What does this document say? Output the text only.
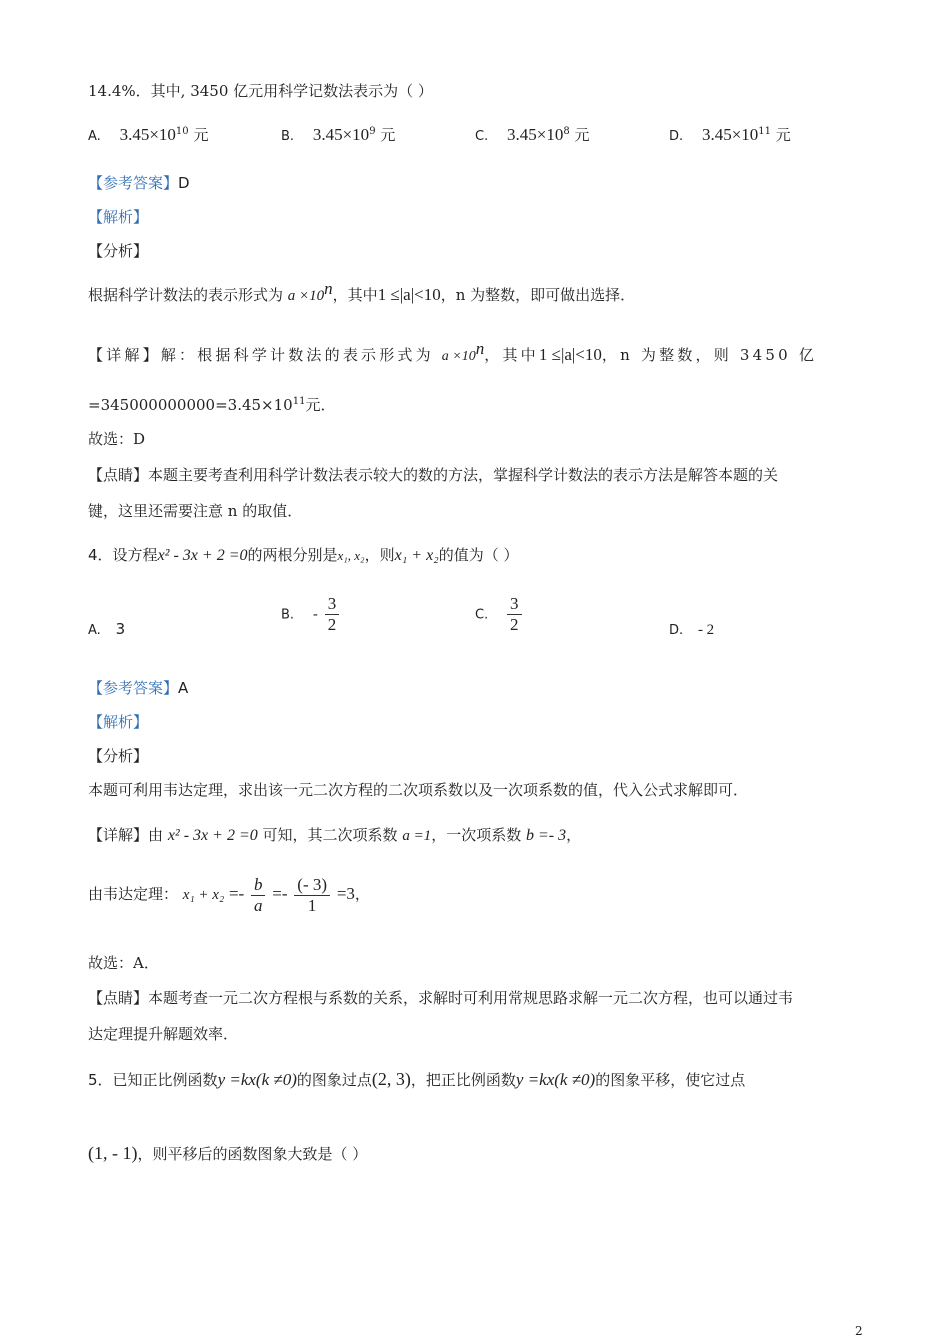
14.4%．其中, 3450 亿元用科学记数法表示为（ ）
A. $3.45\times 10^{10}$ 元	B. $3.45\times 10^9$ 元	C. $3.45\times 10^8$ 元	D. $3.45\times 10^{11}$ 元
【参考答案】D
【解析】
【分析】
根据科学计数法的表示形式为 $a \times 10^n$，其中1 ≤|a|<10，n 为整数，即可做出选择．
【详解】解：根据科学计数法的表示形式为 $a \times 10^n$，其中1 ≤|a|<10，n 为整数，则 3450 亿
$=345000000000=3.45\times 10^{11}$元．
故选：D
【点睛】本题主要考查利用科学计数法表示较大的数的方法，掌握科学计数法的表示方法是解答本题的关
键，这里还需要注意 n 的取值．
4．设方程x² - 3x + 2 =0的两根分别是x₁, x₂，则x₁ + x₂的值为（ ）
A. 3
B. - $\frac{3}{2}$	C. $\frac{3}{2}$	D. - 2
【参考答案】A
【解析】
【分析】
本题可利用韦达定理，求出该一元二次方程的二次项系数以及一次项系数的值，代入公式求解即可．
【详解】由 x² - 3x + 2 =0 可知，其二次项系数 a =1，一次项系数 b =- 3，
由韦达定理： $x_1 + x_2 =- \frac{b}{a} =- \frac{(- 3)}{1} =3$，
故选：A．
【点睛】本题考查一元二次方程根与系数的关系，求解时可利用常规思路求解一元二次方程，也可以通过韦
达定理提升解题效率．
5．已知正比例函数y =kx(k ≠0)的图象过点(2, 3)，把正比例函数y =kx(k ≠0)的图象平移，使它过点
(1, - 1)，则平移后的函数图象大致是（ ）
2
